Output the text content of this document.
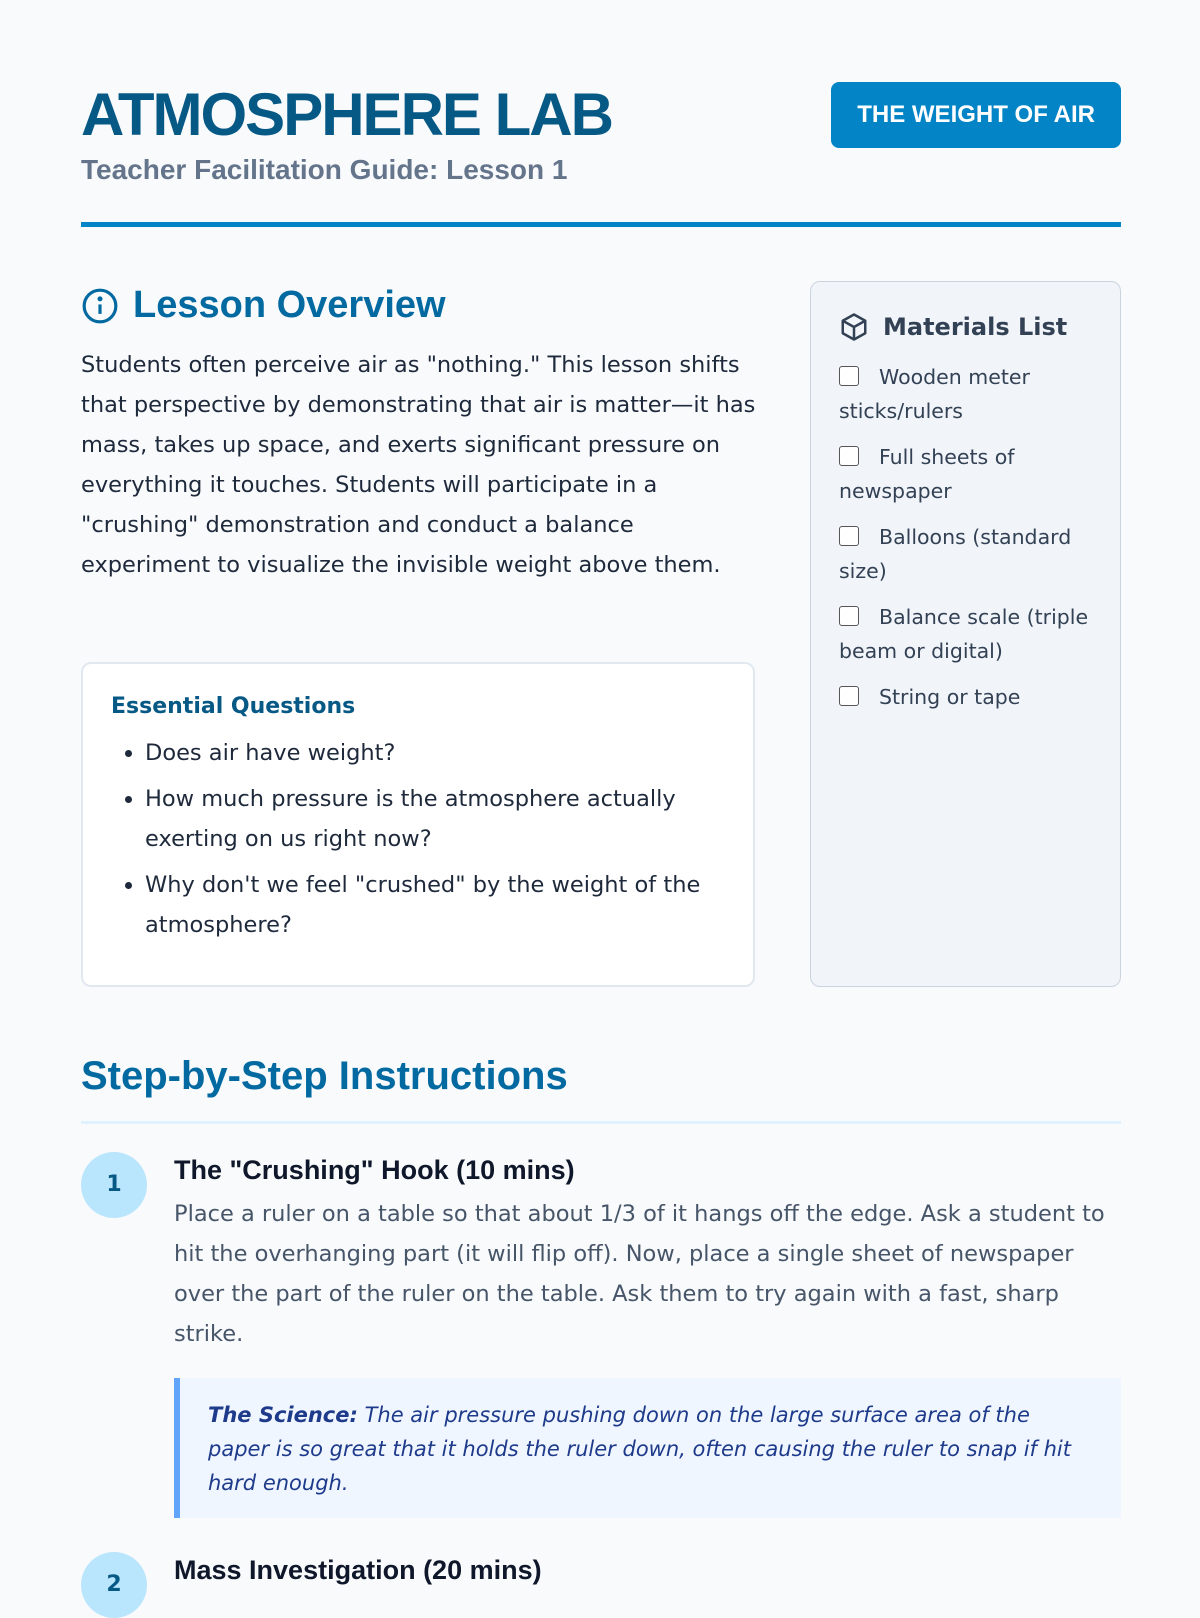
ATMOSPHERE LAB
Teacher Facilitation Guide: Lesson 1
THE WEIGHT OF AIR
Lesson Overview

Students often perceive air as "nothing." This lesson shifts that perspective by demonstrating that air is matter—it has mass, takes up space, and exerts significant pressure on everything it touches. Students will participate in a "crushing" demonstration and conduct a balance experiment to visualize the invisible weight above them.

Essential Questions
• Does air have weight?
• How much pressure is the atmosphere actually exerting on us right now?
• Why don't we feel "crushed" by the weight of the atmosphere?
Materials List
Wooden meter sticks/rulers
Full sheets of newspaper
Balloons (standard size)
Balance scale (triple beam or digital)
String or tape
Step-by-Step Instructions
1	The "Crushing" Hook (10 mins)

Place a ruler on a table so that about 1/3 of it hangs off the edge. Ask a student to hit the overhanging part (it will flip off). Now, place a single sheet of newspaper over the part of the ruler on the table. Ask them to try again with a fast, sharp strike.

The Science: The air pressure pushing down on the large surface area of the paper is so great that it holds the ruler down, often causing the ruler to snap if hit hard enough.
2	Mass Investigation (20 mins)
